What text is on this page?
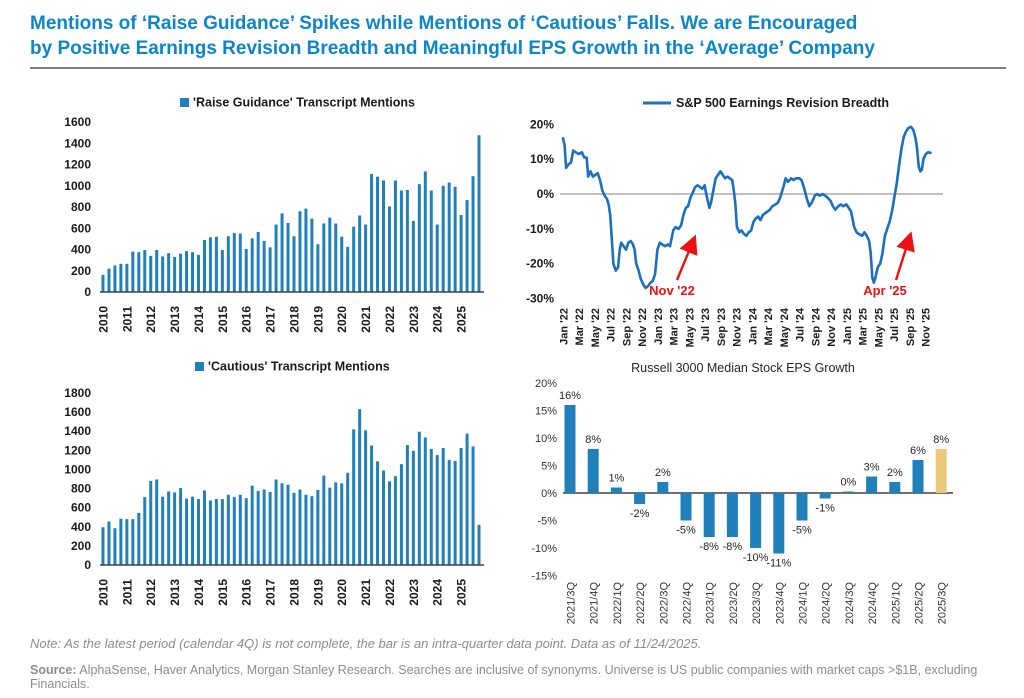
Mentions of ‘Raise Guidance’ Spikes while Mentions of ‘Cautious’ Falls. We are Encouraged
by Positive Earnings Revision Breadth and Meaningful EPS Growth in the ‘Average’ Company
'Raise Guidance' Transcript Mentions
0
200
400
600
800
1000
1200
1400
1600
2010 2011 2012 2013 2014 2015 2016 2017 2018 2019 2020 2021 2022 2023 2024 2025
S&P 500 Earnings Revision Breadth
-30%
-20%
-10%
0%
10%
20%
Jan '22 Mar '22 May '22 Jul '22 Sep '22 Nov '22 Jan '23 Mar '23 May '23 Jul '23 Sep '23 Nov '23 Jan '24 Mar '24 May '24 Jul '24 Sep '24 Nov '24 Jan '25 Mar '25 May '25 Jul '25 Sep '25 Nov '25
Nov '22	Apr '25
'Cautious' Transcript Mentions
0
200
400
600
800
1000
1200
1400
1600
1800
2010 2011 2012 2013 2014 2015 2016 2017 2018 2019 2020 2021 2022 2023 2024 2025
Russell 3000 Median Stock EPS Growth
-15%
-10%
-5%
0%
5%
10%
15%
20%
16%
2021/3Q
8%
2021/4Q
1%
2022/1Q
-2%
2022/2Q
2%
2022/3Q
-5%
2022/4Q
-8%
2023/1Q
-8%
2023/2Q
-10%
2023/3Q
-11%
2023/4Q
-5%
2024/1Q
-1%
2024/2Q
0%
2024/3Q
3%
2024/4Q
2%
2025/1Q
6%
2025/2Q
8%
2025/3Q
Note: As the latest period (calendar 4Q) is not complete, the bar is an intra-quarter data point. Data as of 11/24/2025.
Source: AlphaSense, Haver Analytics, Morgan Stanley Research. Searches are inclusive of synonyms. Universe is US public companies with market caps >$1B, excluding Financials.
